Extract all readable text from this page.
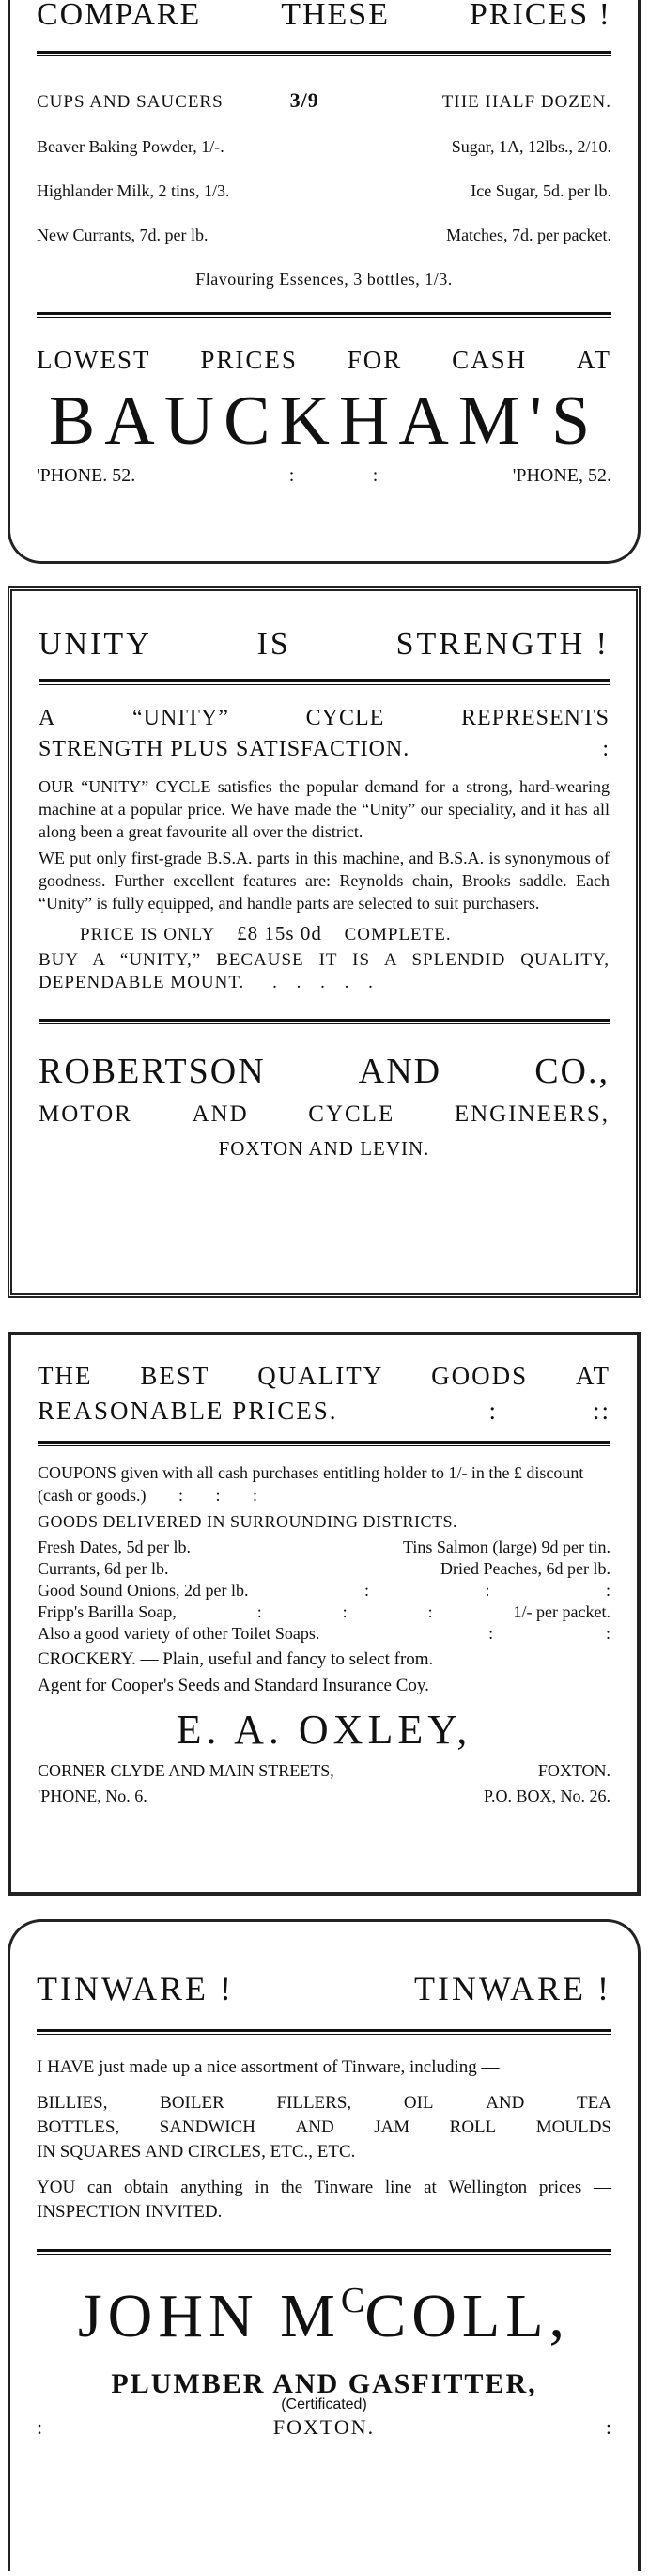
COMPARE THESE PRICES !
CUPS AND SAUCERS	3/9	THE HALF DOZEN.
Beaver Baking Powder, 1/-.	Sugar, 1A, 12lbs., 2/10.
Highlander Milk, 2 tins, 1/3.	Ice Sugar, 5d. per lb.
New Currants, 7d. per lb.	Matches, 7d. per packet.
Flavouring Essences, 3 bottles, 1/3.
LOWEST PRICES FOR CASH AT
BAUCKHAM'S
'PHONE. 52.	:	:	'PHONE, 52.
UNITY	IS	STRENGTH !
A	“UNITY”	CYCLE	REPRESENTS
STRENGTH PLUS SATISFACTION.	:
OUR “UNITY” CYCLE satisfies the popular demand for a strong, hard-wearing machine at a popular price. We have made the “Unity” our speciality, and it has all along been a great favourite all over the district.
WE put only first-grade B.S.A. parts in this machine, and B.S.A. is synonymous of goodness. Further excellent features are: Reynolds chain, Brooks saddle. Each “Unity” is fully equipped, and handle parts are selected to suit purchasers.
PRICE IS ONLY £8 15s 0d COMPLETE.
BUY A “UNITY,” BECAUSE IT IS A SPLENDID QUALITY, DEPENDABLE MOUNT. . . . . .
ROBERTSON	AND	CO.,
MOTOR	AND	CYCLE	ENGINEERS,
FOXTON AND LEVIN.
THE BEST QUALITY GOODS AT
REASONABLE PRICES.	:	::
COUPONS given with all cash purchases entitling holder to 1/- in the £ discount (cash or goods.) : : :
GOODS DELIVERED IN SURROUNDING DISTRICTS.
Fresh Dates, 5d per lb.	Tins Salmon (large) 9d per tin.
Currants, 6d per lb.	Dried Peaches, 6d per lb.
Good Sound Onions, 2d per lb.	:	:	:
Fripp's Barilla Soap,	:	:	:	1/- per packet.
Also a good variety of other Toilet Soaps.	:	:
CROCKERY. — Plain, useful and fancy to select from.
Agent for Cooper's Seeds and Standard Insurance Coy.
E. A. OXLEY,
CORNER CLYDE AND MAIN STREETS,	FOXTON.
'PHONE, No. 6.	P.O. BOX, No. 26.
TINWARE !	TINWARE !
I HAVE just made up a nice assortment of Tinware, including —
BILLIES,	BOILER	FILLERS,	OIL	AND	TEA
BOTTLES, SANDWICH AND JAM ROLL MOULDS
IN SQUARES AND CIRCLES, ETC., ETC.
YOU can obtain anything in the Tinware line at Wellington prices — INSPECTION INVITED.
JOHN $M^CCOLL$,
PLUMBER AND GASFITTER,
(Certificated)
:	FOXTON.	:
